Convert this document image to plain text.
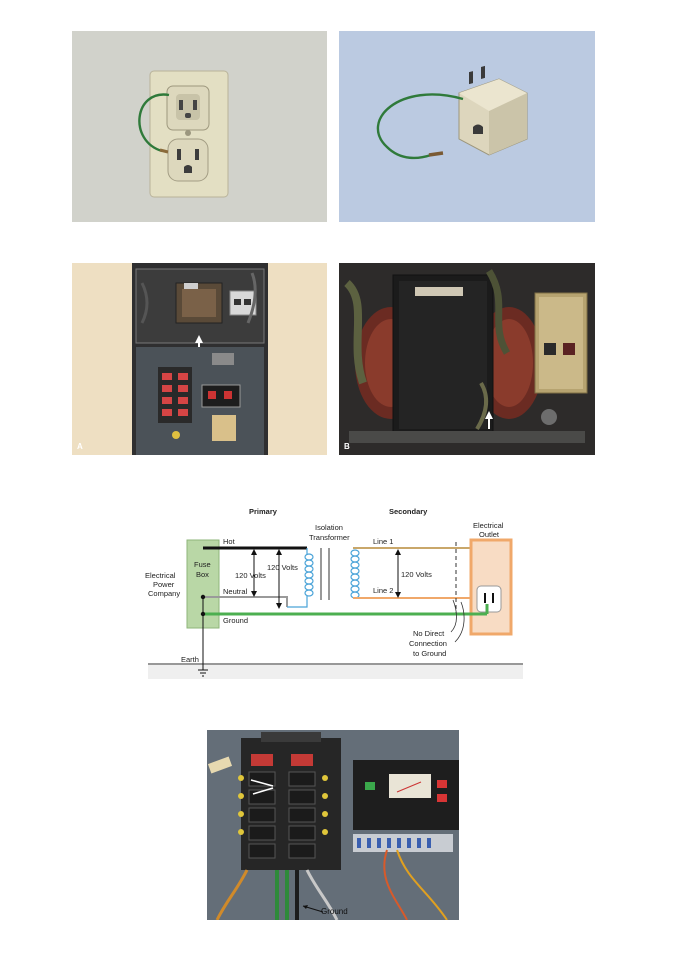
A	B
Primary	Secondary
Isolation
Transformer
Fuse
Box
Electrical
Power
Company
Hot
Neutral
Line 1
Line 2
120 Volts
120 Volts
120 Volts
Electrical
Outlet
Ground
No Direct
Connection
to Ground
Earth
Ground
